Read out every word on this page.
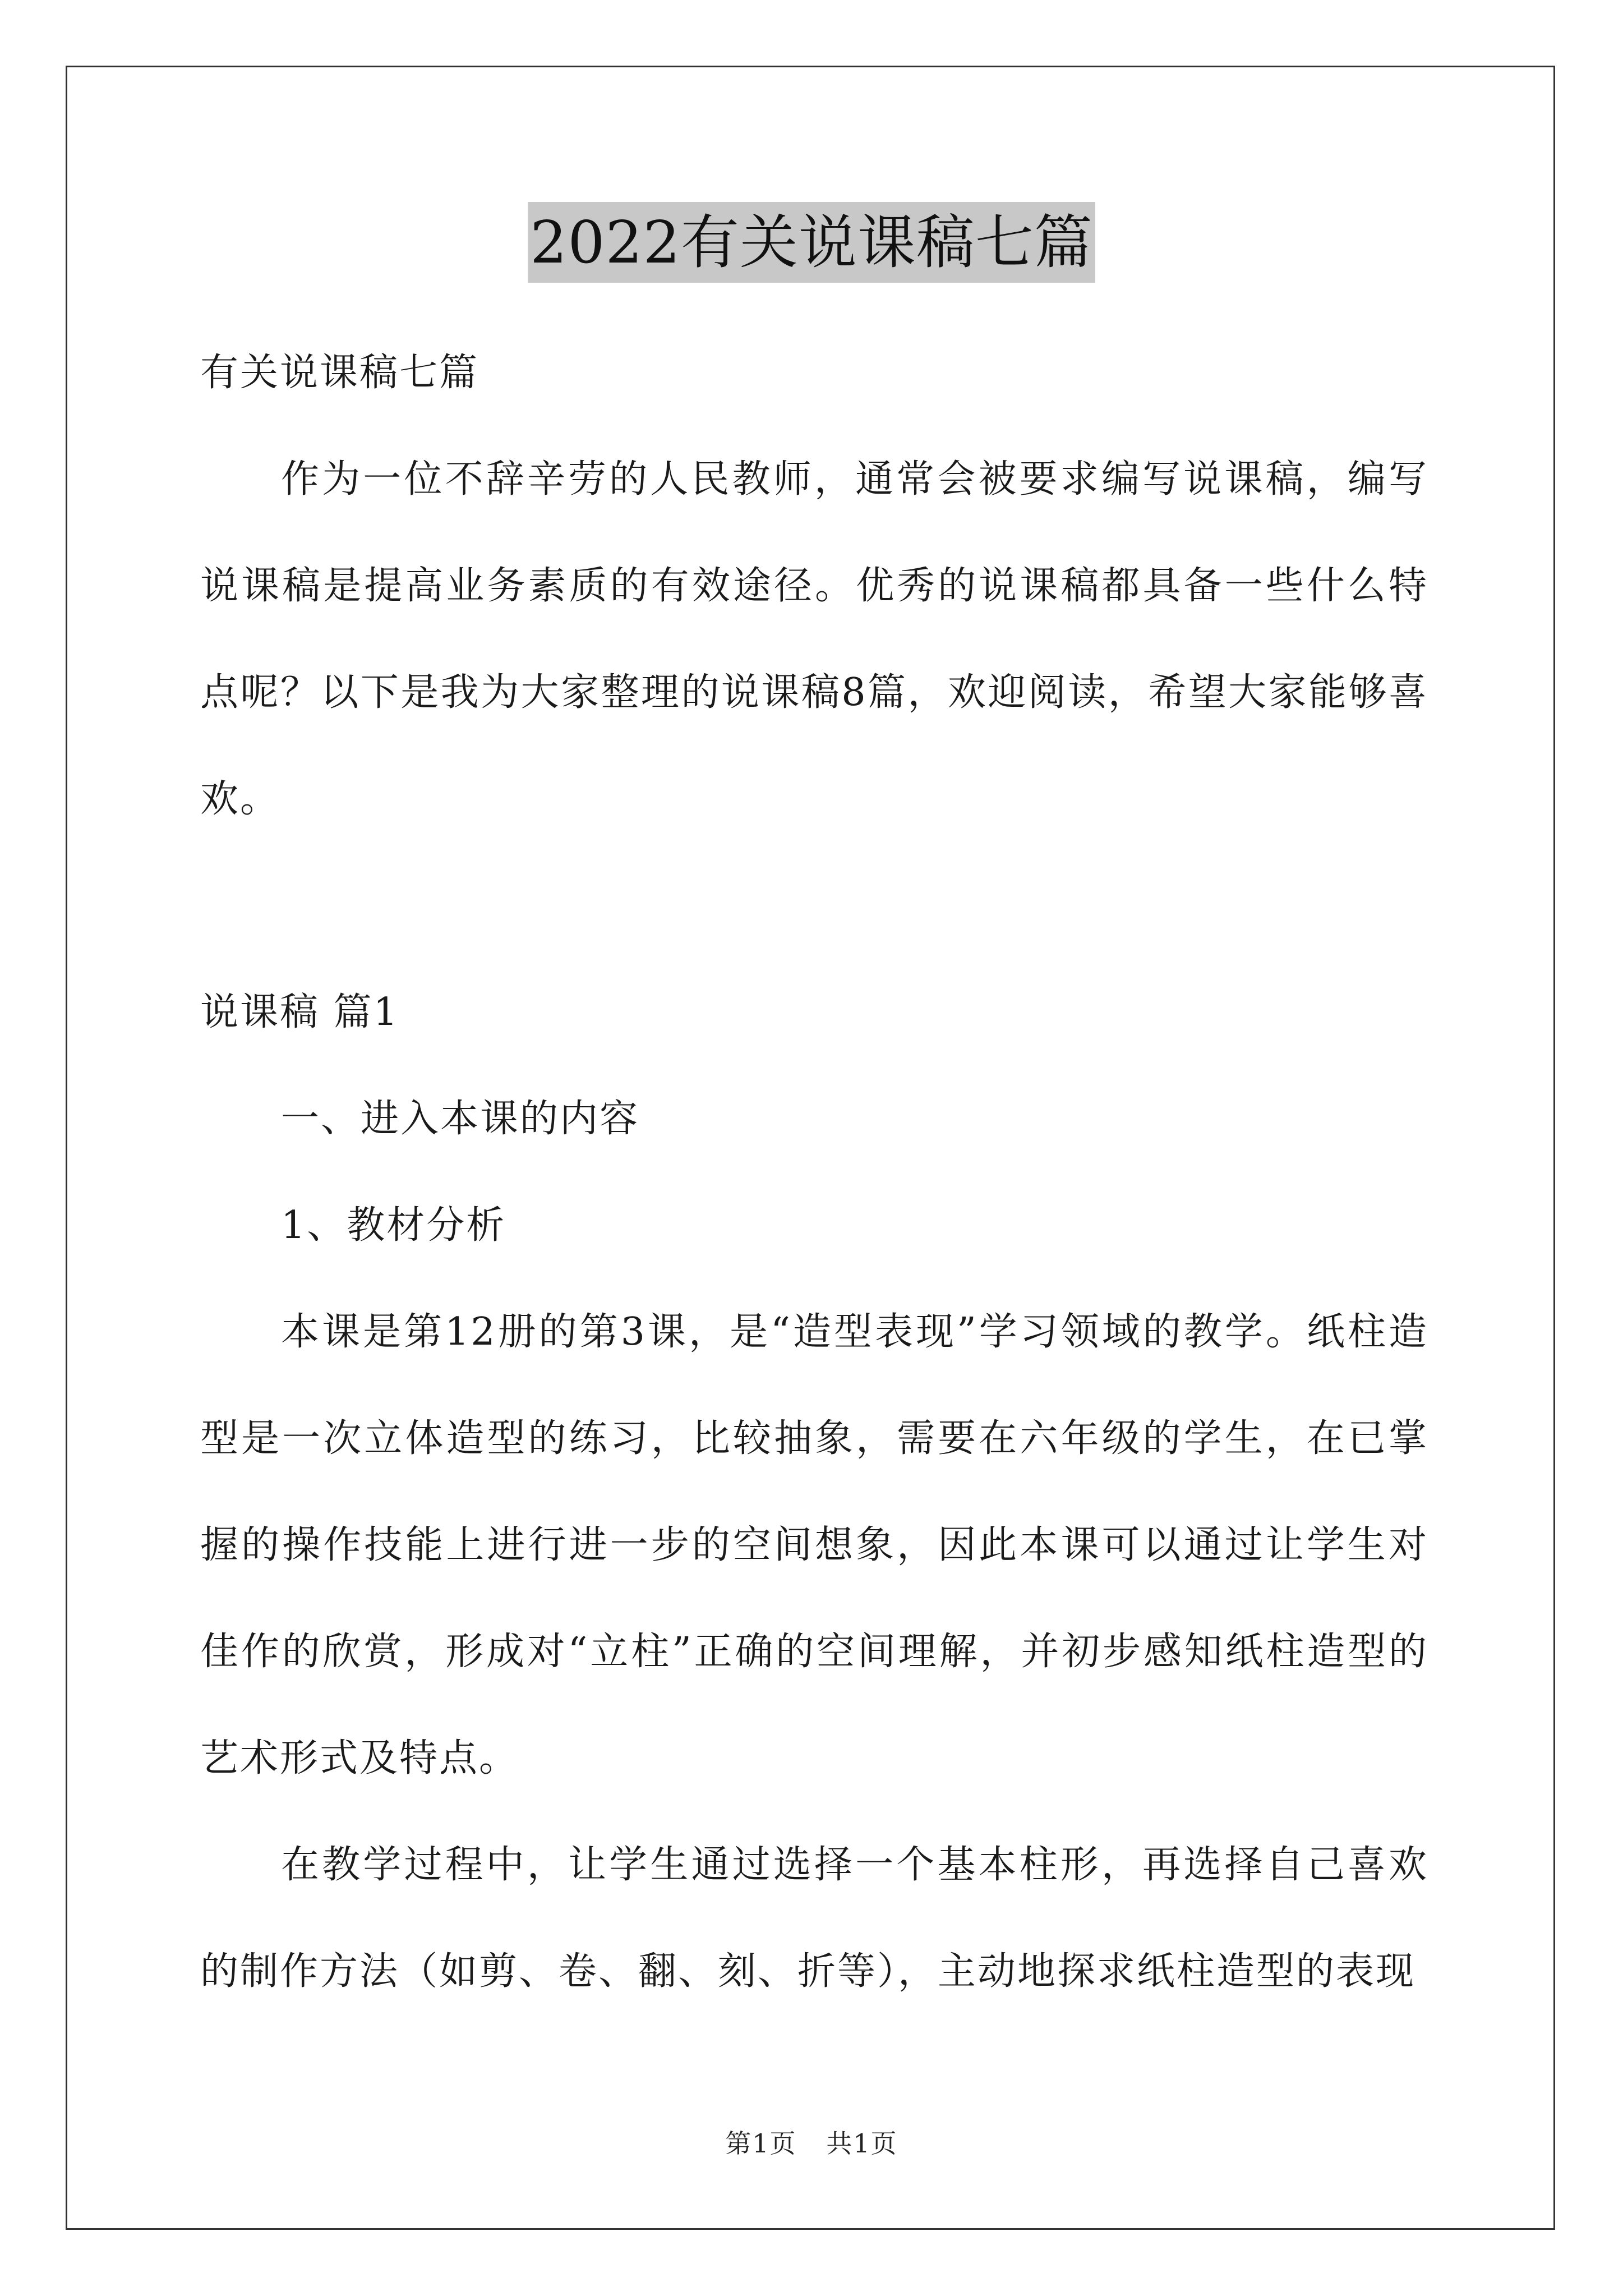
2022有关说课稿七篇

有关说课稿七篇

作为一位不辞辛劳的人民教师，通常会被要求编写说课稿，编写说课稿是提高业务素质的有效途径。优秀的说课稿都具备一些什么特点呢？以下是我为大家整理的说课稿8篇，欢迎阅读，希望大家能够喜欢。

说课稿 篇1

一、进入本课的内容

1、教材分析

本课是第12册的第3课，是“造型表现”学习领域的教学。纸柱造型是一次立体造型的练习，比较抽象，需要在六年级的学生，在已掌握的操作技能上进行进一步的空间想象，因此本课可以通过让学生对佳作的欣赏，形成对“立柱”正确的空间理解，并初步感知纸柱造型的艺术形式及特点。

在教学过程中，让学生通过选择一个基本柱形，再选择自己喜欢的制作方法（如剪、卷、翻、刻、折等），主动地探求纸柱造型的表现

第1页 共1页
